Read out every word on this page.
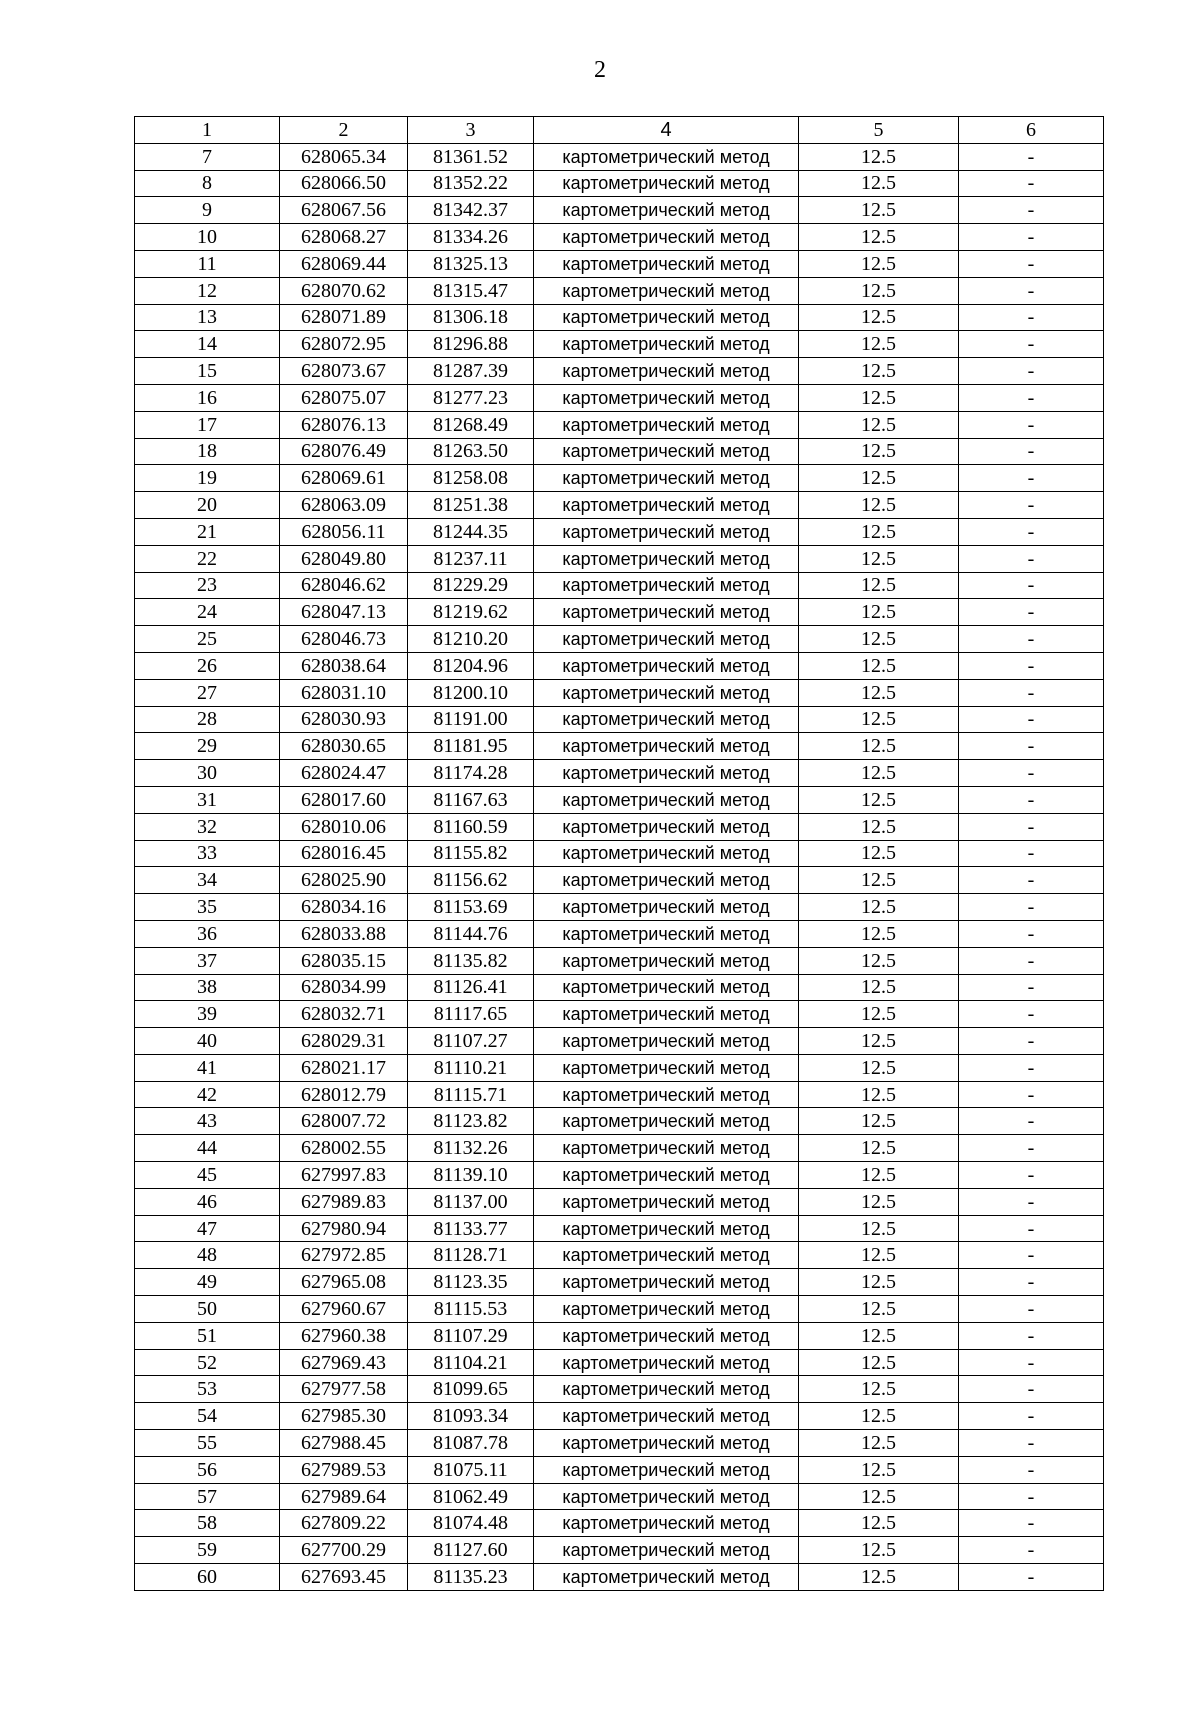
2
1	2	3	4	5	6
7	628065.34	81361.52	картометрический метод	12.5	-
8	628066.50	81352.22	картометрический метод	12.5	-
9	628067.56	81342.37	картометрический метод	12.5	-
10	628068.27	81334.26	картометрический метод	12.5	-
11	628069.44	81325.13	картометрический метод	12.5	-
12	628070.62	81315.47	картометрический метод	12.5	-
13	628071.89	81306.18	картометрический метод	12.5	-
14	628072.95	81296.88	картометрический метод	12.5	-
15	628073.67	81287.39	картометрический метод	12.5	-
16	628075.07	81277.23	картометрический метод	12.5	-
17	628076.13	81268.49	картометрический метод	12.5	-
18	628076.49	81263.50	картометрический метод	12.5	-
19	628069.61	81258.08	картометрический метод	12.5	-
20	628063.09	81251.38	картометрический метод	12.5	-
21	628056.11	81244.35	картометрический метод	12.5	-
22	628049.80	81237.11	картометрический метод	12.5	-
23	628046.62	81229.29	картометрический метод	12.5	-
24	628047.13	81219.62	картометрический метод	12.5	-
25	628046.73	81210.20	картометрический метод	12.5	-
26	628038.64	81204.96	картометрический метод	12.5	-
27	628031.10	81200.10	картометрический метод	12.5	-
28	628030.93	81191.00	картометрический метод	12.5	-
29	628030.65	81181.95	картометрический метод	12.5	-
30	628024.47	81174.28	картометрический метод	12.5	-
31	628017.60	81167.63	картометрический метод	12.5	-
32	628010.06	81160.59	картометрический метод	12.5	-
33	628016.45	81155.82	картометрический метод	12.5	-
34	628025.90	81156.62	картометрический метод	12.5	-
35	628034.16	81153.69	картометрический метод	12.5	-
36	628033.88	81144.76	картометрический метод	12.5	-
37	628035.15	81135.82	картометрический метод	12.5	-
38	628034.99	81126.41	картометрический метод	12.5	-
39	628032.71	81117.65	картометрический метод	12.5	-
40	628029.31	81107.27	картометрический метод	12.5	-
41	628021.17	81110.21	картометрический метод	12.5	-
42	628012.79	81115.71	картометрический метод	12.5	-
43	628007.72	81123.82	картометрический метод	12.5	-
44	628002.55	81132.26	картометрический метод	12.5	-
45	627997.83	81139.10	картометрический метод	12.5	-
46	627989.83	81137.00	картометрический метод	12.5	-
47	627980.94	81133.77	картометрический метод	12.5	-
48	627972.85	81128.71	картометрический метод	12.5	-
49	627965.08	81123.35	картометрический метод	12.5	-
50	627960.67	81115.53	картометрический метод	12.5	-
51	627960.38	81107.29	картометрический метод	12.5	-
52	627969.43	81104.21	картометрический метод	12.5	-
53	627977.58	81099.65	картометрический метод	12.5	-
54	627985.30	81093.34	картометрический метод	12.5	-
55	627988.45	81087.78	картометрический метод	12.5	-
56	627989.53	81075.11	картометрический метод	12.5	-
57	627989.64	81062.49	картометрический метод	12.5	-
58	627809.22	81074.48	картометрический метод	12.5	-
59	627700.29	81127.60	картометрический метод	12.5	-
60	627693.45	81135.23	картометрический метод	12.5	-
